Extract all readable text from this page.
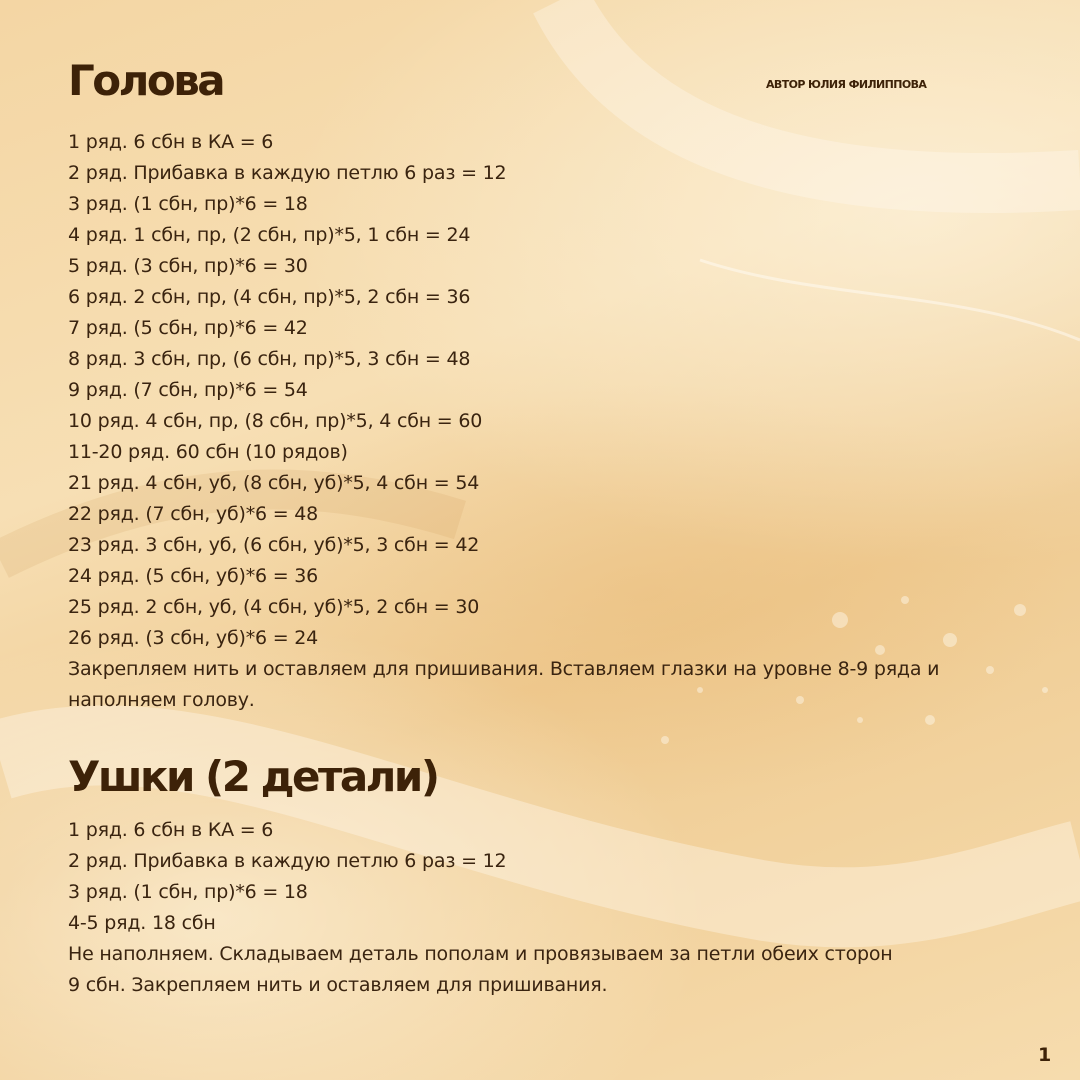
Голова	АВТОР ЮЛИЯ ФИЛИППОВА
1 ряд. 6 сбн в КА = 6
2 ряд. Прибавка в каждую петлю 6 раз = 12
3 ряд. (1 сбн, пр)*6 = 18
4 ряд. 1 сбн, пр, (2 сбн, пр)*5, 1 сбн = 24
5 ряд. (3 сбн, пр)*6 = 30
6 ряд. 2 сбн, пр, (4 сбн, пр)*5, 2 сбн = 36
7 ряд. (5 сбн, пр)*6 = 42
8 ряд. 3 сбн, пр, (6 сбн, пр)*5, 3 сбн = 48
9 ряд. (7 сбн, пр)*6 = 54
10 ряд. 4 сбн, пр, (8 сбн, пр)*5, 4 сбн = 60
11-20 ряд. 60 сбн (10 рядов)
21 ряд. 4 сбн, уб, (8 сбн, уб)*5, 4 сбн = 54
22 ряд. (7 сбн, уб)*6 = 48
23 ряд. 3 сбн, уб, (6 сбн, уб)*5, 3 сбн = 42
24 ряд. (5 сбн, уб)*6 = 36
25 ряд. 2 сбн, уб, (4 сбн, уб)*5, 2 сбн = 30
26 ряд. (3 сбн, уб)*6 = 24
Закрепляем нить и оставляем для пришивания. Вставляем глазки на уровне 8-9 ряда и наполняем голову.
Ушки (2 детали)
1 ряд. 6 сбн в КА = 6
2 ряд. Прибавка в каждую петлю 6 раз = 12
3 ряд. (1 сбн, пр)*6 = 18
4-5 ряд. 18 сбн
Не наполняем. Складываем деталь пополам и провязываем за петли обеих сторон
9 сбн. Закрепляем нить и оставляем для пришивания.
1
